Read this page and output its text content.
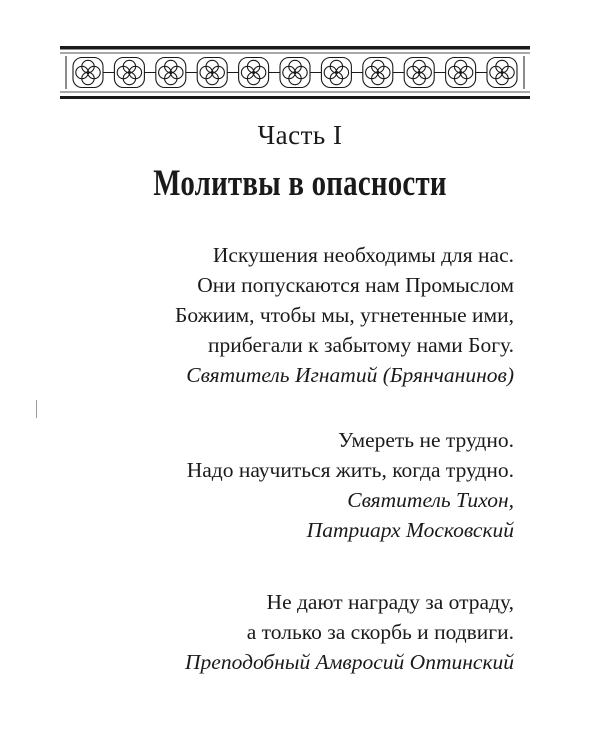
Часть I
Молитвы в опасности

Искушения необходимы для нас.

Они попускаются нам Промыслом

Божиим, чтобы мы, угнетенные ими,

прибегали к забытому нами Богу.

Святитель Игнатий (Брянчанинов)

Умереть не трудно.

Надо научиться жить, когда трудно.

Святитель Тихон,

Патриарх Московский

Не дают награду за отраду,

а только за скорбь и подвиги.

Преподобный Амвросий Оптинский
